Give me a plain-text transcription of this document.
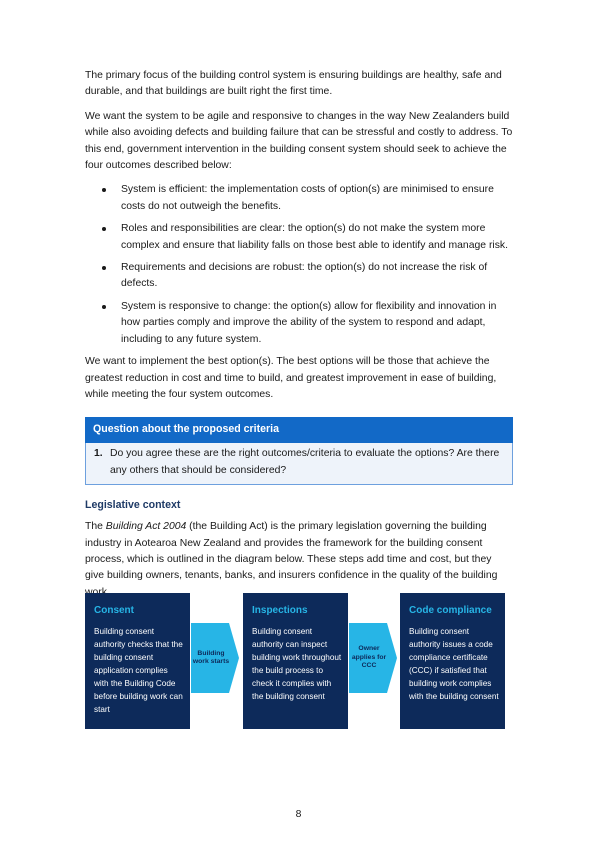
The primary focus of the building control system is ensuring buildings are healthy, safe and durable, and that buildings are built right the first time.

We want the system to be agile and responsive to changes in the way New Zealanders build while also avoiding defects and building failure that can be stressful and costly to address. To this end, government intervention in the building consent system should seek to achieve the four outcomes described below:

System is efficient: the implementation costs of option(s) are minimised to ensure costs do not outweigh the benefits.
Roles and responsibilities are clear: the option(s) do not make the system more complex and ensure that liability falls on those best able to identify and manage risk.
Requirements and decisions are robust: the option(s) do not increase the risk of defects.
System is responsive to change: the option(s) allow for flexibility and innovation in how parties comply and improve the ability of the system to respond and adapt, including to any future system.

We want to implement the best option(s). The best options will be those that achieve the greatest reduction in cost and time to build, and greatest improvement in ease of building, while meeting the four system outcomes.

Question about the proposed criteria
1. Do you agree these are the right outcomes/criteria to evaluate the options? Are there any others that should be considered?
Legislative context

The Building Act 2004 (the Building Act) is the primary legislation governing the building industry in Aotearoa New Zealand and provides the framework for the building consent process, which is outlined in the diagram below. These steps add time and cost, but they give building owners, tenants, banks, and insurers confidence in the quality of the building

Consent
Building consent authority checks that the building consent application complies with the Building Code before building work can start
Building work starts
Inspections
Building consent authority can inspect building work throughout the build process to check it complies with the building consent
Owner applies for CCC
Code compliance
Building consent authority issues a code compliance certificate (CCC) if satisfied that building work complies with the building consent
8
